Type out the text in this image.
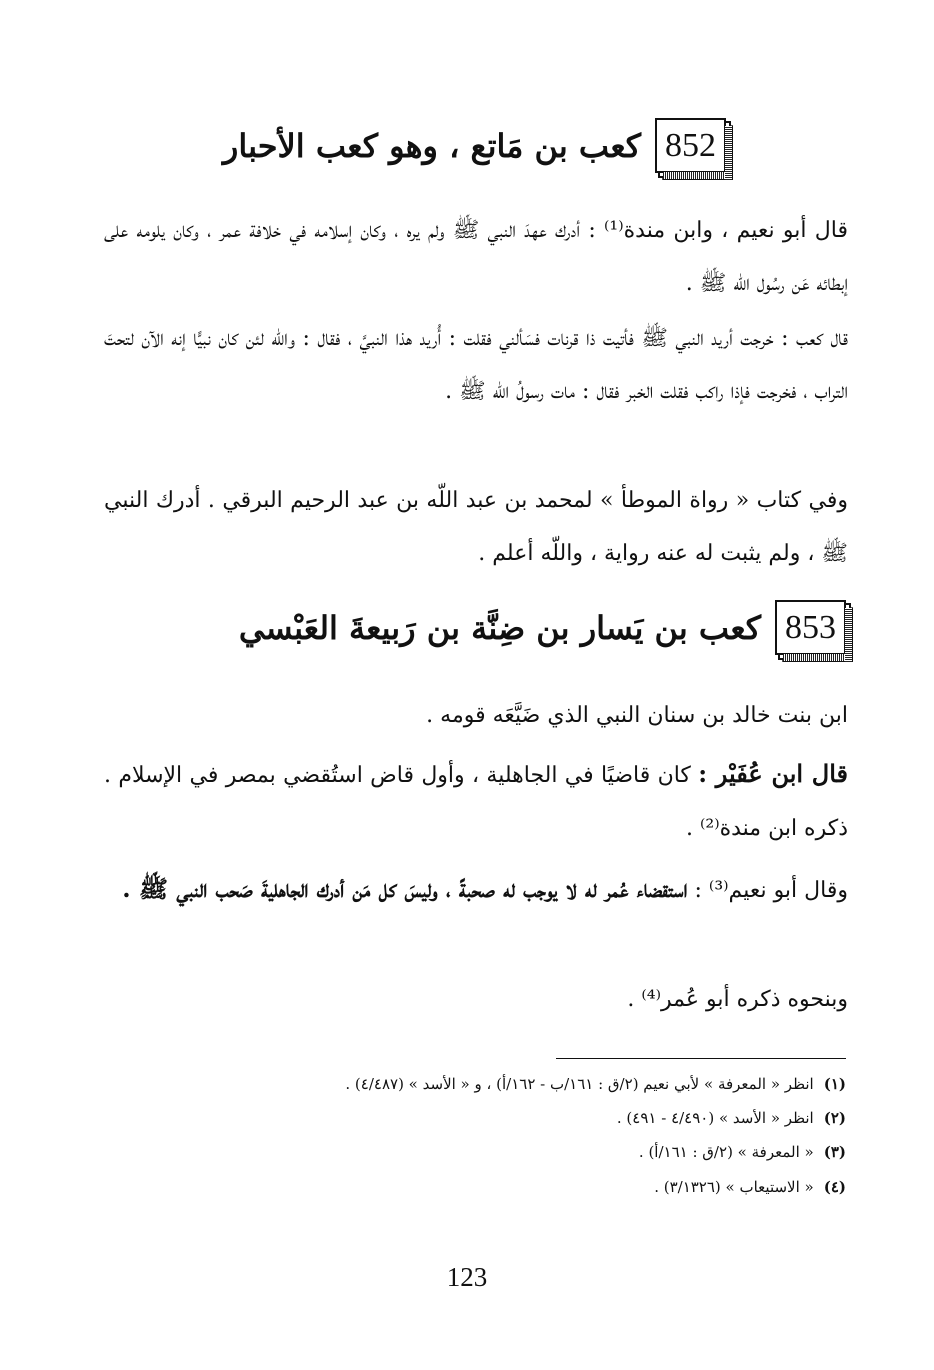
852
كعب بن مَاتع ، وهو كعب الأحبار
قال أبو نعيم ، وابن مندة⁽¹⁾ : أدرك عهدَ النبي ﷺ ولم يره ، وكان إسلامه في خلافة عمر ، وكان يلومه على إبطائه عَن رسُول اللّه ﷺ .
قال كعب : خرجت أريد النبي ﷺ فأتيت ذا قرنات فسَألني فقلت : أُريد هذا النبيَّ ، فقال : واللّه لئن كان نبيًّا إنه الآن لتحتَ التراب ، فخرجت فإذا راكب فقلت الخبر فقال : مات رسولُ اللّه ﷺ .
وفي كتاب « رواة الموطأ » لمحمد بن عبد اللّه بن عبد الرحيم البرقي . أدرك النبي ﷺ ، ولم يثبت له عنه رواية ، واللّه أعلم .
853
كعب بن يَسار بن ضِنَّة بن رَبيعةَ العَبْسي
ابن بنت خالد بن سنان النبي الذي ضَيَّعَه قومه .
قال ابن عُفَيْر : كان قاضيًا في الجاهلية ، وأول قاض استُقضي بمصر في الإسلام . ذكره ابن مندة⁽²⁾ .
وقال أبو نعيم⁽³⁾ : استقضاء عُمر له لا يوجب له صحبةً ، وليسَ كل مَن أدرك الجاهليةَ صَحب النبي ﷺ .
وبنحوه ذكره أبو عُمر⁽⁴⁾ .
(١)انظر « المعرفة » لأبي نعيم (٢/ق : ١٦١/ب - ١٦٢/أ) ، و « الأسد » (٤/٤٨٧) .
(٢)انظر « الأسد » (٤/٤٩٠ - ٤٩١) .
(٣)« المعرفة » (٢/ق : ١٦١/أ) .
(٤)« الاستيعاب » (٣/١٣٢٦) .
123
